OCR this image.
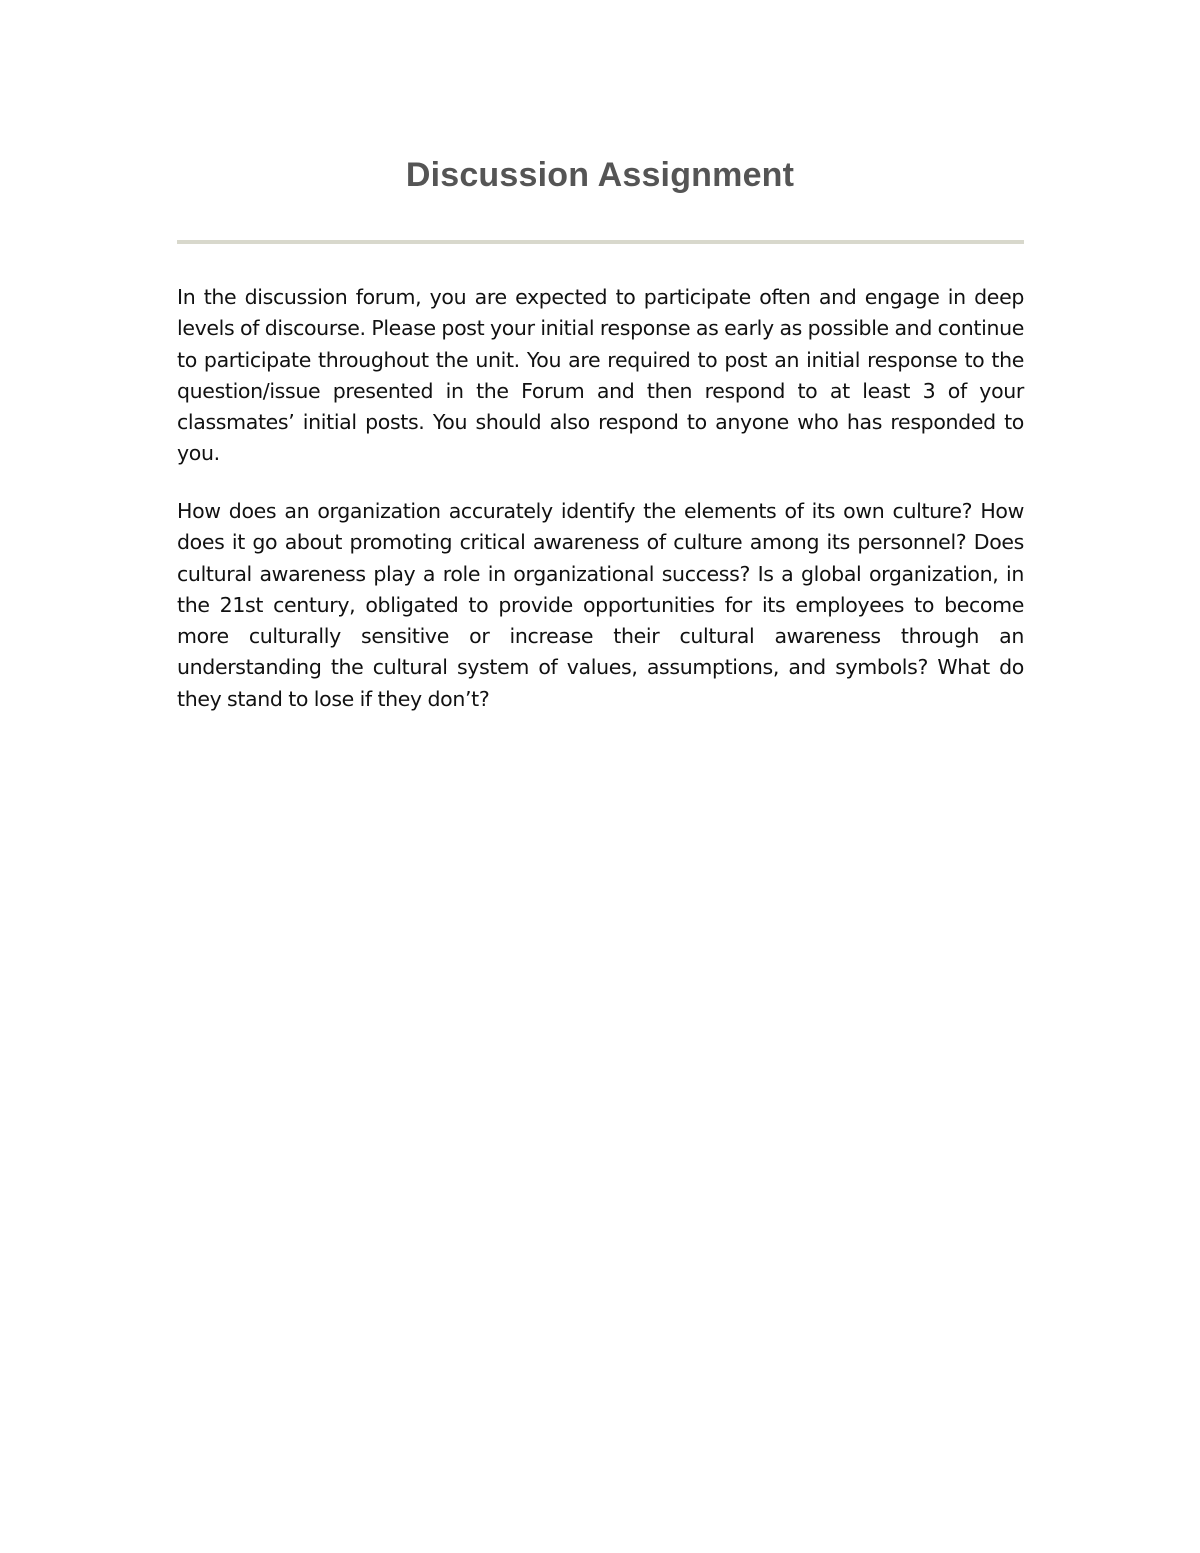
Discussion Assignment

In the discussion forum, you are expected to participate often and engage in deep levels of discourse. Please post your initial response as early as possible and continue to participate throughout the unit. You are required to post an initial response to the question/issue presented in the Forum and then respond to at least 3 of your classmates’ initial posts. You should also respond to anyone who has responded to you.

How does an organization accurately identify the elements of its own culture? How does it go about promoting critical awareness of culture among its personnel? Does cultural awareness play a role in organizational success? Is a global organization, in the 21st century, obligated to provide opportunities for its employees to become more culturally sensitive or increase their cultural awareness through an understanding the cultural system of values, assumptions, and symbols? What do they stand to lose if they don’t?
